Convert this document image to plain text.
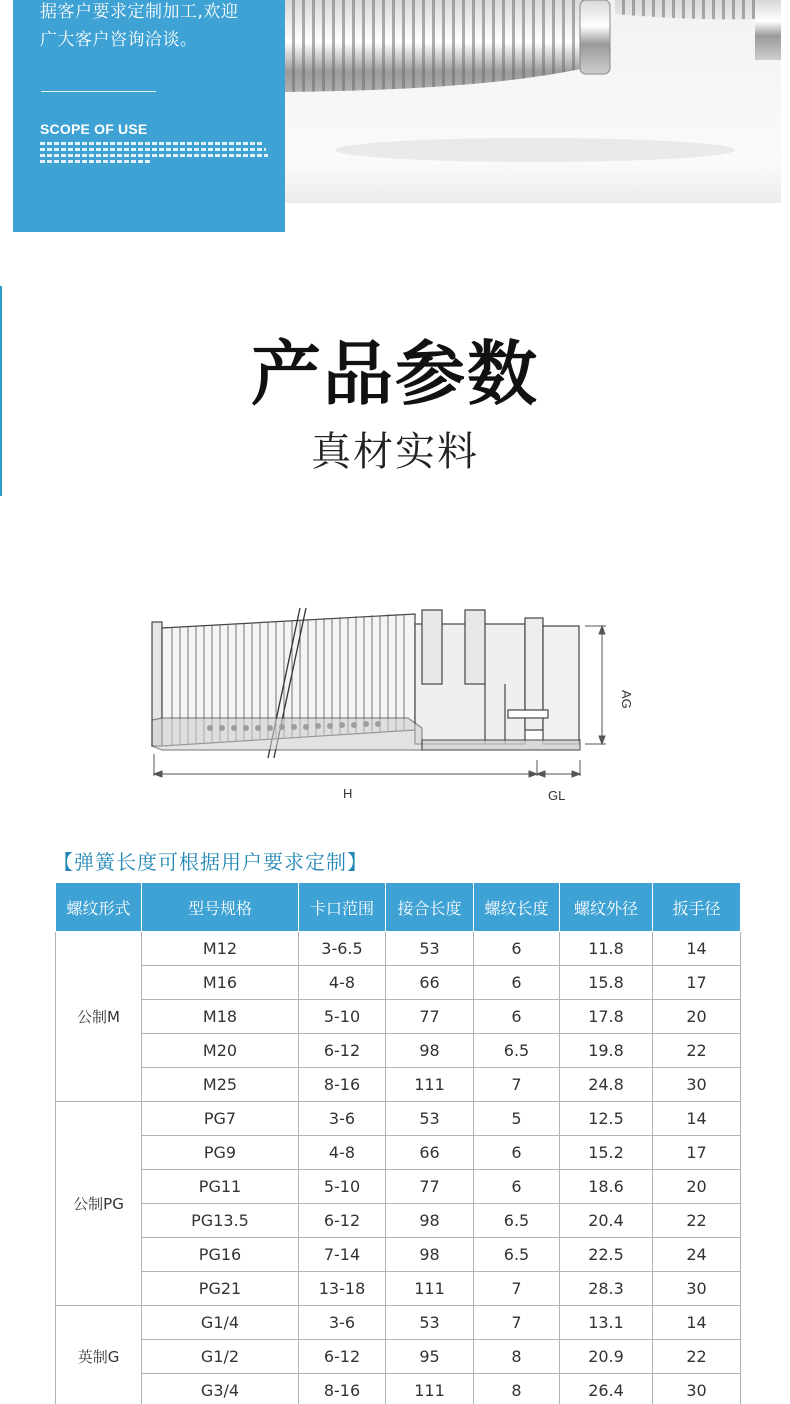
据客户要求定制加工,欢迎
广大客户咨询洽谈。
SCOPE OF USE
产品参数
真材实料
H	GL
AG
【弹簧长度可根据用户要求定制】
螺纹形式	型号规格	卡口范围	接合长度	螺纹长度	螺纹外径	扳手径
公制M	M12	3-6.5	53	6	11.8	14
	M16	4-8	66	6	15.8	17
	M18	5-10	77	6	17.8	20
	M20	6-12	98	6.5	19.8	22
	M25	8-16	111	7	24.8	30
公制PG	PG7	3-6	53	5	12.5	14
	PG9	4-8	66	6	15.2	17
	PG11	5-10	77	6	18.6	20
	PG13.5	6-12	98	6.5	20.4	22
	PG16	7-14	98	6.5	22.5	24
	PG21	13-18	111	7	28.3	30
英制G	G1/4	3-6	53	7	13.1	14
	G1/2	6-12	95	8	20.9	22
	G3/4	8-16	111	8	26.4	30
